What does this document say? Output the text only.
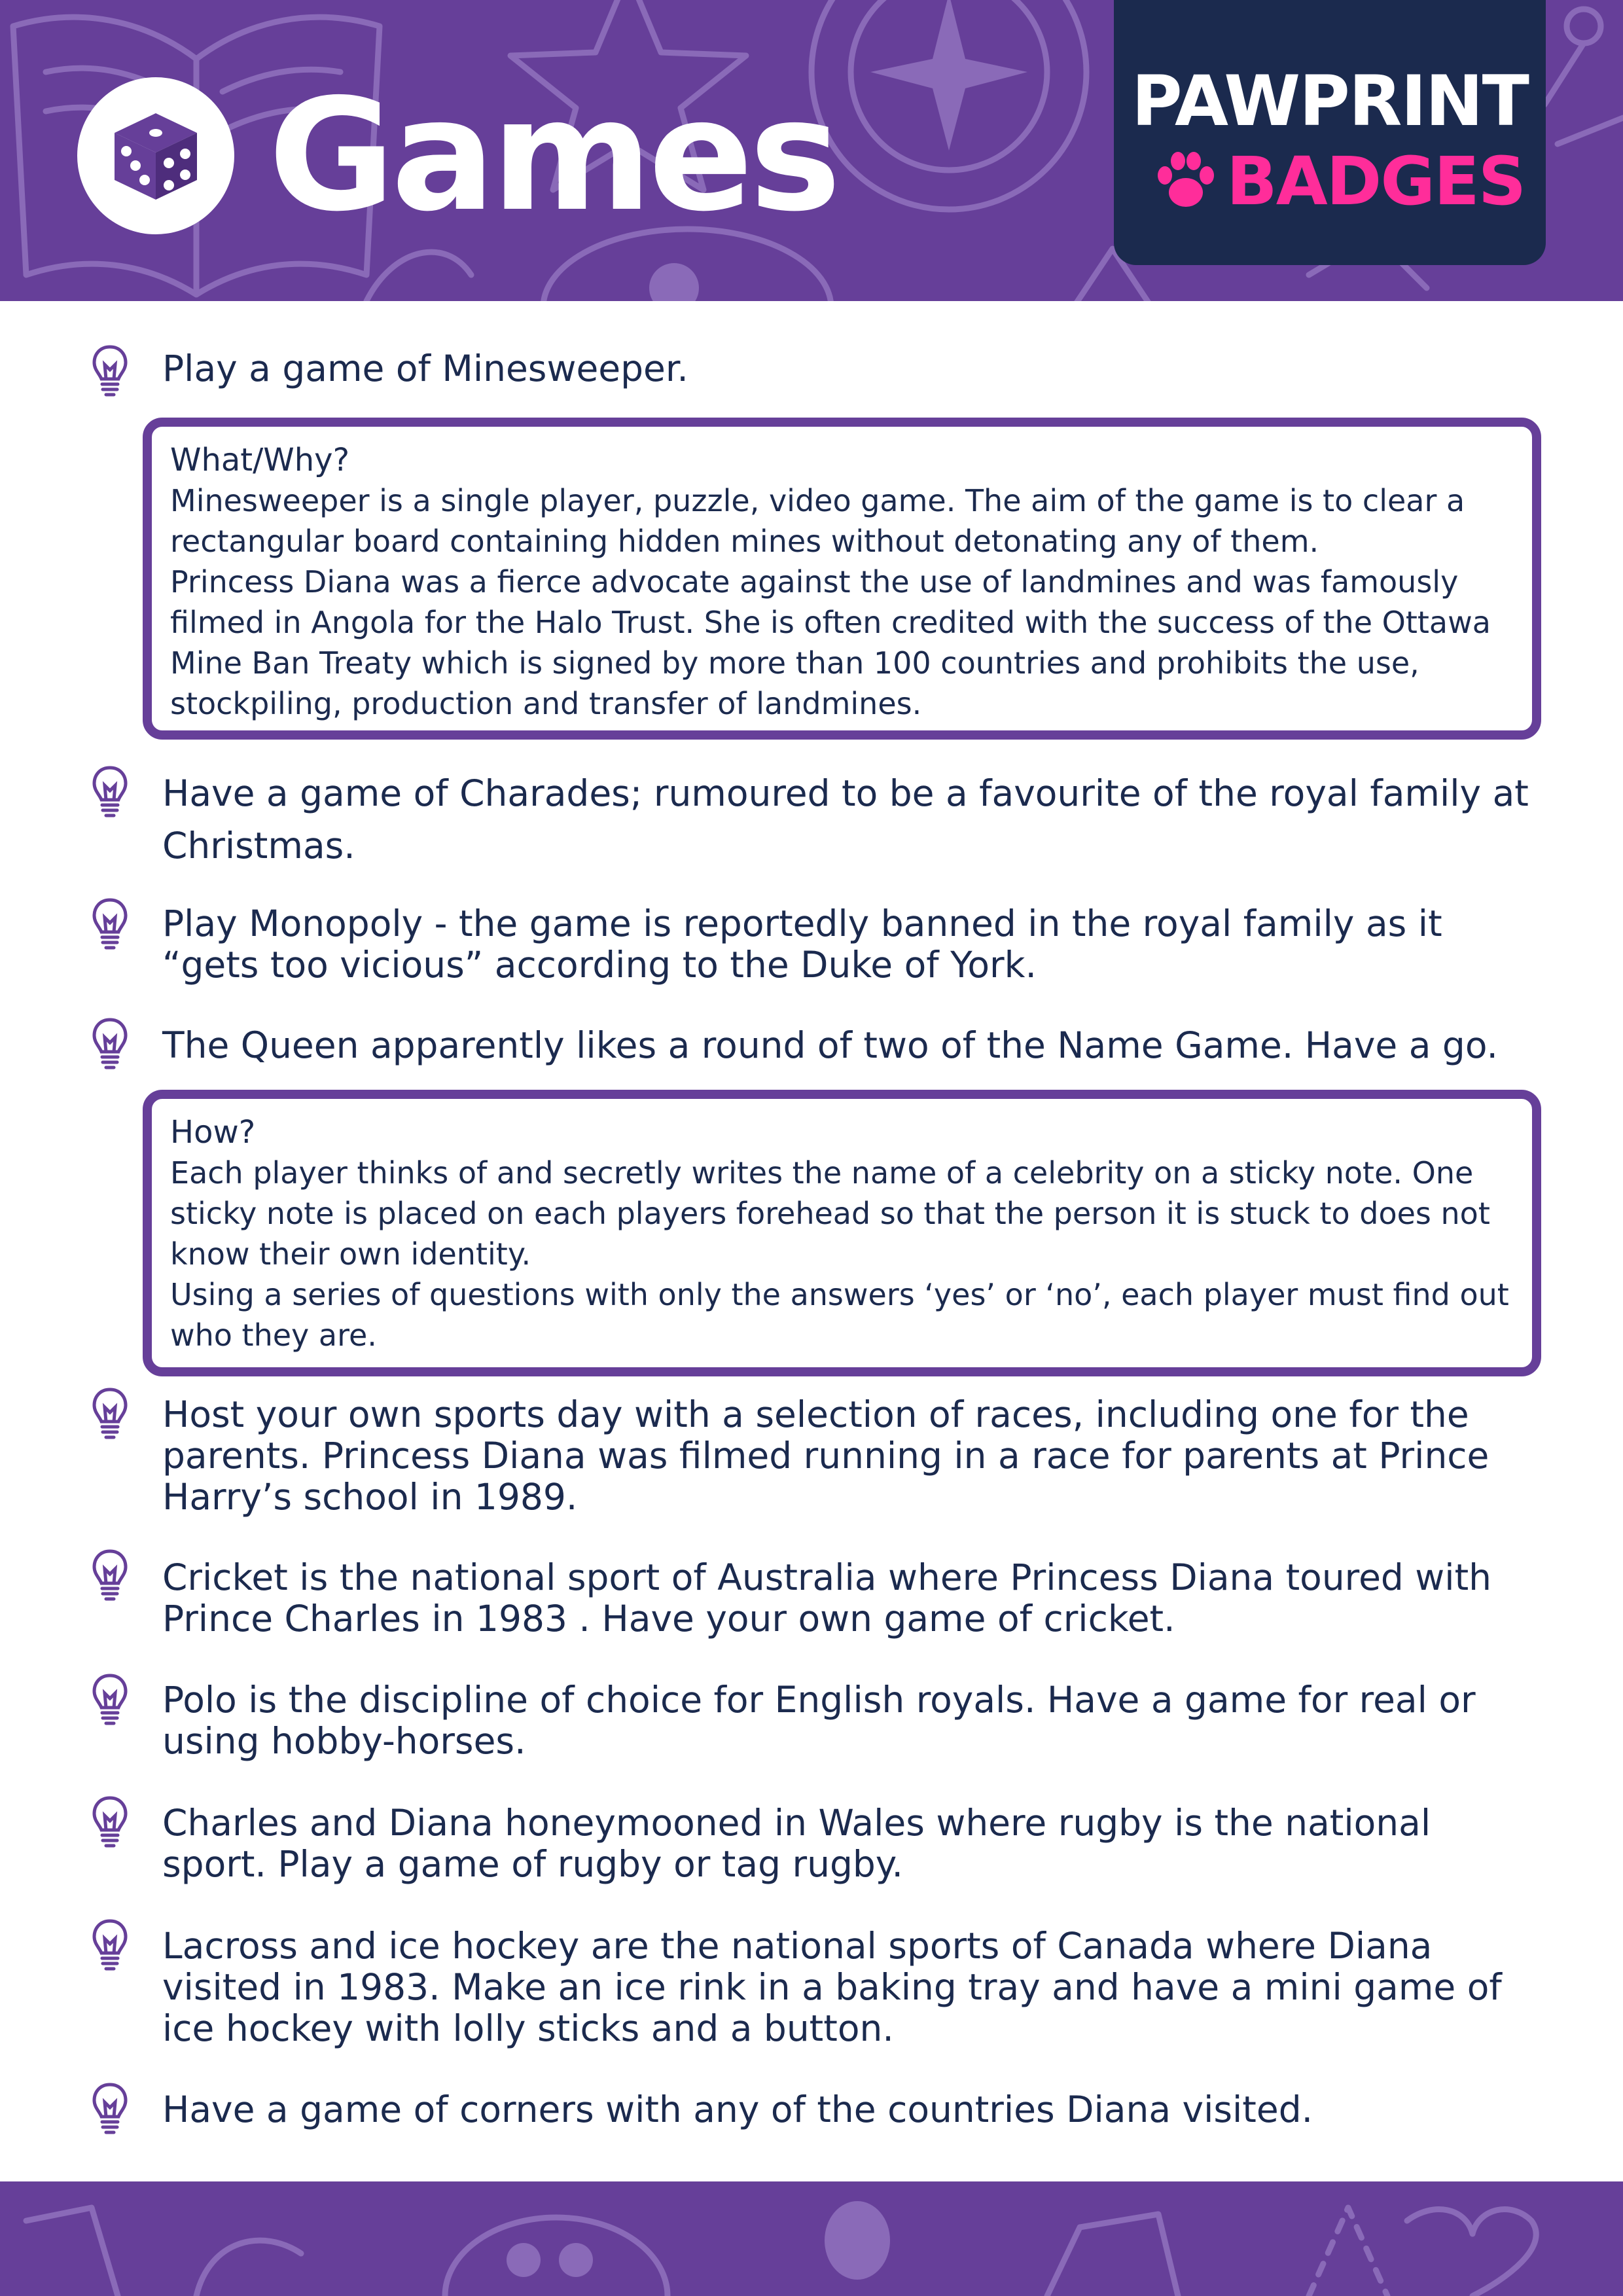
Games	PAWPRINT
BADGES
Play a game of Minesweeper.
What/Why?
Minesweeper is a single player, puzzle, video game. The aim of the game is to clear a rectangular board containing hidden mines without detonating any of them.
Princess Diana was a fierce advocate against the use of landmines and was famously filmed in Angola for the Halo Trust. She is often credited with the success of the Ottawa Mine Ban Treaty which is signed by more than 100 countries and prohibits the use, stockpiling, production and transfer of landmines.
Have a game of Charades; rumoured to be a favourite of the royal family at Christmas.
Play Monopoly - the game is reportedly banned in the royal family as it “gets too vicious” according to the Duke of York.
The Queen apparently likes a round of two of the Name Game. Have a go.
How?
Each player thinks of and secretly writes the name of a celebrity on a sticky note. One sticky note is placed on each players forehead so that the person it is stuck to does not know their own identity.
Using a series of questions with only the answers ‘yes’ or ‘no’, each player must find out who they are.
Host your own sports day with a selection of races, including one for the parents. Princess Diana was filmed running in a race for parents at Prince Harry’s school in 1989.
Cricket is the national sport of Australia where Princess Diana toured with Prince Charles in 1983 . Have your own game of cricket.
Polo is the discipline of choice for English royals. Have a game for real or using hobby-horses.
Charles and Diana honeymooned in Wales where rugby is the national sport. Play a game of rugby or tag rugby.
Lacross and ice hockey are the national sports of Canada where Diana visited in 1983. Make an ice rink in a baking tray and have a mini game of ice hockey with lolly sticks and a button.
Have a game of corners with any of the countries Diana visited.
